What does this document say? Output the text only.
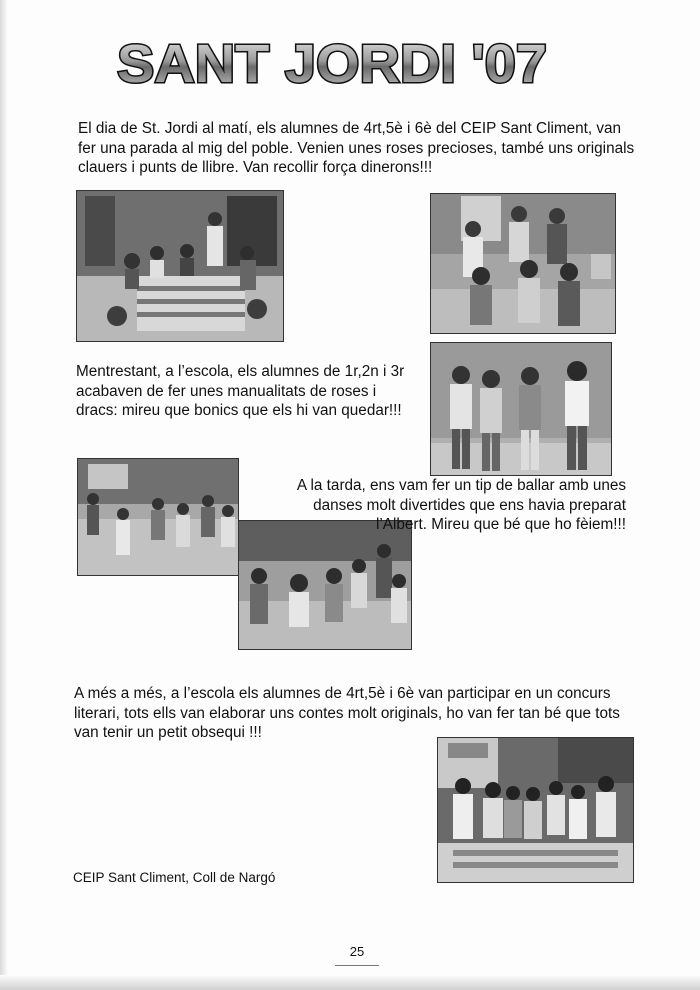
SANT JORDI '07

El dia de St. Jordi al matí, els alumnes de 4rt,5è i 6è del CEIP Sant Climent, van fer una parada al mig del poble. Venien unes roses precioses, també uns originals clauers i punts de llibre. Van recollir força dinerons!!!

Mentrestant, a l’escola, els alumnes de 1r,2n i 3r acabaven de fer unes manualitats de roses i dracs: mireu que bonics que els hi van quedar!!!

A la tarda, ens vam fer un tip de ballar amb unes danses molt divertides que ens havia preparat l’Albert. Mireu que bé que ho fèiem!!!

A més a més, a l’escola els alumnes de 4rt,5è i 6è van participar en un concurs literari, tots ells van elaborar uns contes molt originals, ho van fer tan bé que tots van tenir un petit obsequi !!!

CEIP Sant Climent, Coll de Nargó
25
